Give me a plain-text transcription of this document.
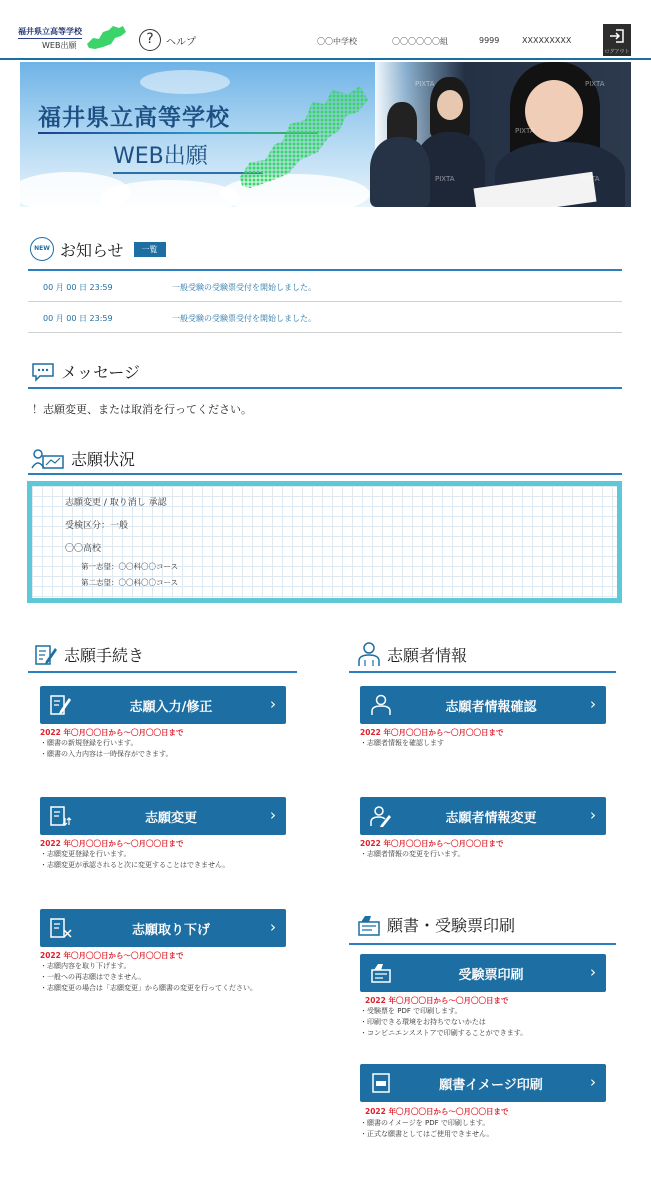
福井県立高等学校
WEB出願	?	ヘルプ	〇〇中学校	〇〇〇〇〇〇組	9999	XXXXXXXXX
ログアウト
福井県立高等学校
WEB出願
PIXTA	PIXTA
PIXTA
PIXTA	PIXTA
NEW お知らせ	一覧
00 月 00 日 23:59	一般受験の受験票受付を開始しました。
00 月 00 日 23:59	一般受験の受験票受付を開始しました。
メッセージ
！志願変更、または取消を行ってください。
志願状況
志願変更 / 取り消し 承認
受検区分：一般
〇〇高校
第一志望：〇〇科〇〇コース
第二志望：〇〇科〇〇コース
志願手続き
志願入力/修正	›
2022 年〇月〇〇日から～〇月〇〇日まで
・願書の新規登録を行います。
・願書の入力内容は一時保存ができます。
志願変更	›
2022 年〇月〇〇日から～〇月〇〇日まで
・志願変更登録を行います。
・志願変更が承認されると次に変更することはできません。
志願取り下げ	›
2022 年〇月〇〇日から～〇月〇〇日まで
・志願内容を取り下げます。
・一般への再志願はできません。
・志願変更の場合は「志願変更」から願書の変更を行ってください。
志願者情報
志願者情報確認	›
2022 年〇月〇〇日から～〇月〇〇日まで
・志願者情報を確認します
志願者情報変更	›
2022 年〇月〇〇日から～〇月〇〇日まで
・志願者情報の変更を行います。
願書・受験票印刷
受験票印刷	›
2022 年〇月〇〇日から～〇月〇〇日まで
・受験票を PDF で印刷します。
・印刷できる環境をお持ちでないかたは
・コンビニエンスストアで印刷することができます。
願書イメージ印刷	›
2022 年〇月〇〇日から～〇月〇〇日まで
・願書のイメージを PDF で印刷します。
・正式な願書としてはご使用できません。
